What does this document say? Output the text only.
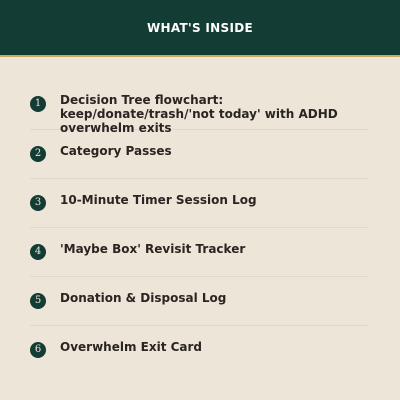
WHAT'S INSIDE
1	Decision Tree flowchart: keep/donate/trash/'not today' with ADHD overwhelm exits
2	Category Passes
3	10-Minute Timer Session Log
4	'Maybe Box' Revisit Tracker
5	Donation & Disposal Log
6	Overwhelm Exit Card
